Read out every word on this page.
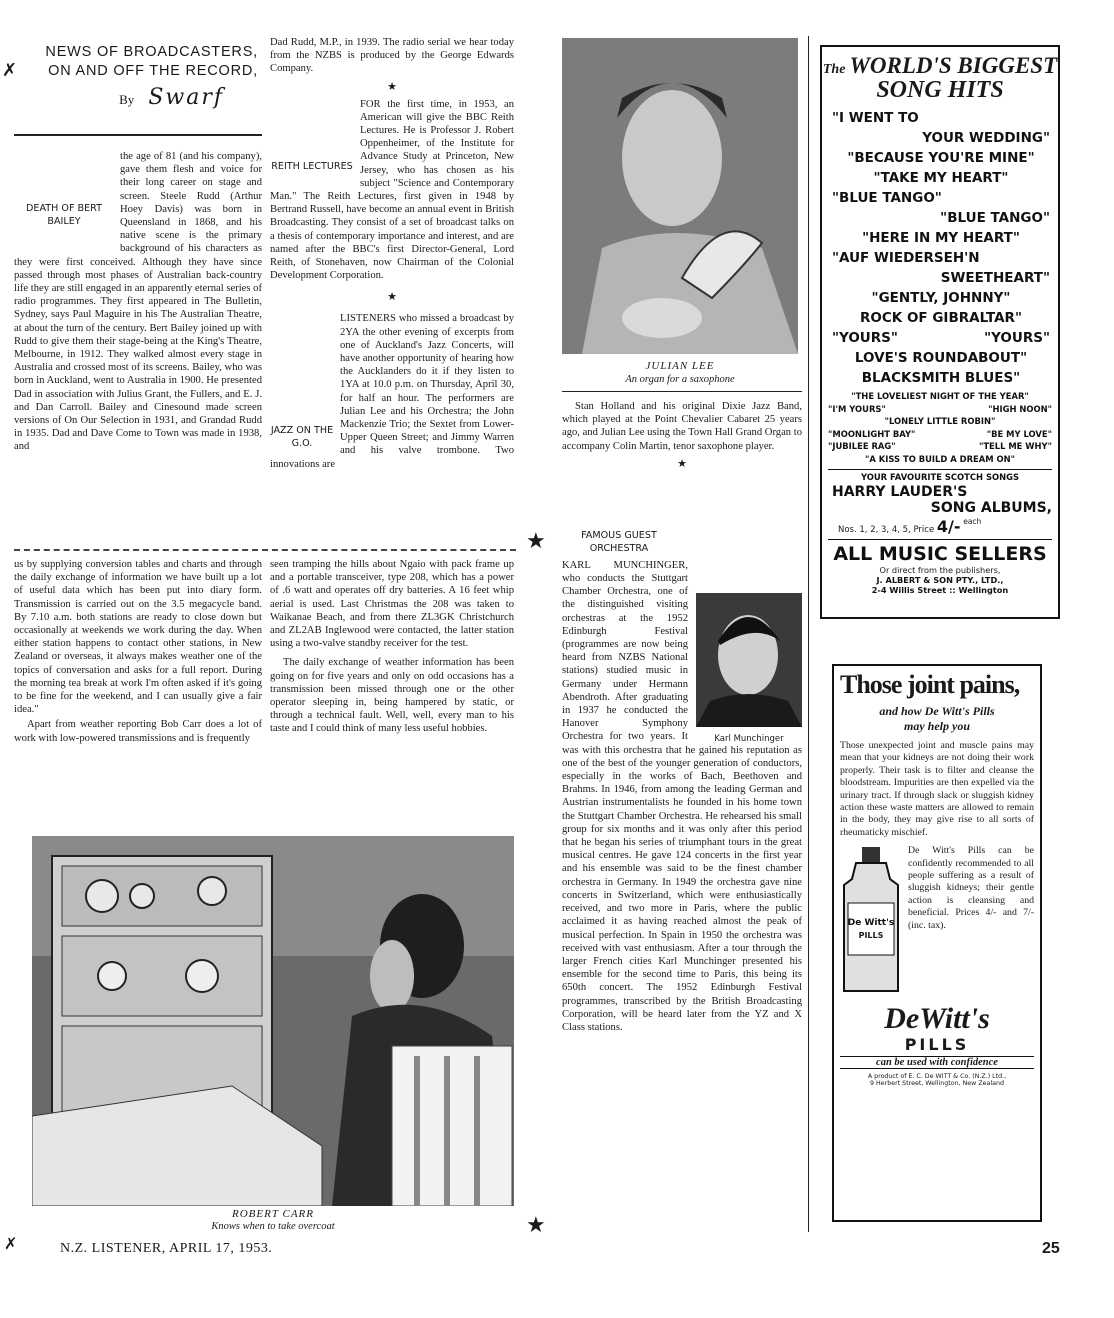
NEWS OF BROADCASTERS,
ON AND OFF THE RECORD,
By Swarf
✗
DEATH OF BERT BAILEY

the age of 81 (and his company), gave them flesh and voice for their long career on stage and screen. Steele Rudd (Arthur Hoey Davis) was born in Queensland in 1868, and his native scene is the primary background of his characters as they were first conceived. Although they have since passed through most phases of Australian back-country life they are still engaged in an apparently eternal series of radio programmes. They first appeared in The Bulletin, Sydney, says Paul Maguire in his The Australian Theatre, at about the turn of the century. Bert Bailey joined up with Rudd to give them their stage-being at the King's Theatre, Melbourne, in 1912. They walked almost every stage in Australia and crossed most of its screens. Bailey, who was born in Auckland, went to Australia in 1900. He presented Dad in association with Julius Grant, the Fullers, and E. J. and Dan Carroll. Bailey and Cinesound made screen versions of On Our Selection in 1931, and Grandad Rudd in 1935. Dad and Dave Come to Town was made in 1938, and

Dad Rudd, M.P., in 1939. The radio serial we hear today from the NZBS is produced by the George Edwards Company.

★
REITH LECTURES

FOR the first time, in 1953, an American will give the BBC Reith Lectures. He is Professor J. Robert Oppenheimer, of the Institute for Advance Study at Princeton, New Jersey, who has chosen as his subject "Science and Contemporary Man." The Reith Lectures, first given in 1948 by Bertrand Russell, have become an annual event in British Broadcasting. They consist of a set of broadcast talks on a thesis of contemporary importance and interest, and are named after the BBC's first Director-General, Lord Reith, of Stonehaven, now Chairman of the Colonial Development Corporation.

★
JAZZ ON THE G.O.

LISTENERS who missed a broadcast by 2YA the other evening of excerpts from one of Auckland's Jazz Concerts, will have another opportunity of hearing how the Aucklanders do it if they listen to 1YA at 10.0 p.m. on Thursday, April 30, for half an hour. The performers are Julian Lee and his Orchestra; the John Mackenzie Trio; the Sextet from Lower-Upper Queen Street; and Jimmy Warren and his valve trombone. Two innovations are

★

us by supplying conversion tables and charts and through the daily exchange of information we have built up a lot of useful data which has been put into diary form. Transmission is carried out on the 3.5 megacycle band. By 7.10 a.m. both stations are ready to close down but occasionally at weekends we work during the day. When either station happens to contact other stations, in New Zealand or overseas, it always makes weather one of the topics of conversation and asks for a full report. During the morning tea break at work I'm often asked if it's going to be fine for the weekend, and I can usually give a fair idea."

Apart from weather reporting Bob Carr does a lot of work with low-powered transmissions and is frequently

seen tramping the hills about Ngaio with pack frame up and a portable transceiver, type 208, which has a power of .6 watt and operates off dry batteries. A 16 feet whip aerial is used. Last Christmas the 208 was taken to Waikanae Beach, and from there ZL3GK Christchurch and ZL2AB Inglewood were contacted, the latter station using a two-valve standby receiver for the test.

The daily exchange of weather information has been going on for five years and only on odd occasions has a transmission been missed through one or the other operator sleeping in, being hampered by static, or through a technical fault. Well, well, every man to his taste and I could think of many less useful hobbies.

ROBERT CARR
Knows when to take overcoat	★
JULIAN LEE
An organ for a saxophone

Stan Holland and his original Dixie Jazz Band, which played at the Point Chevalier Cabaret 25 years ago, and Julian Lee using the Town Hall Grand Organ to accompany Colin Martin, tenor saxophone player.

★
FAMOUS GUEST ORCHESTRA
Karl Munchinger

KARL MUNCHINGER, who conducts the Stuttgart Chamber Orchestra, one of the distinguished visiting orchestras at the 1952 Edinburgh Festival (programmes are now being heard from NZBS National stations) studied music in Germany under Hermann Abendroth. After graduating in 1937 he conducted the Hanover Symphony Orchestra for two years. It was with this orchestra that he gained his reputation as one of the best of the younger generation of conductors, especially in the works of Bach, Beethoven and Brahms. In 1946, from among the leading German and Austrian instrumentalists he founded in his home town the Stuttgart Chamber Orchestra. He rehearsed his small group for six months and it was only after this period that he began his series of triumphant tours in the great musical centres. He gave 124 concerts in the first year and his ensemble was said to be the finest chamber orchestra in Germany. In 1949 the orchestra gave nine concerts in Switzerland, which were enthusiastically received, and two more in Paris, where the public acclaimed it as having reached almost the peak of musical perfection. In Spain in 1950 the orchestra was received with vast enthusiasm. After a tour through the larger French cities Karl Munchinger presented his ensemble for the second time to Paris, this being its 650th concert. The 1952 Edinburgh Festival programmes, transcribed by the British Broadcasting Corporation, will be heard later from the YZ and X Class stations.

The WORLD'S BIGGEST
SONG HITS
"I WENT TO
YOUR WEDDING"
"BECAUSE YOU'RE MINE"
"TAKE MY HEART"
"BLUE TANGO"
"BLUE TANGO"
"HERE IN MY HEART"
"AUF WIEDERSEH'N
SWEETHEART"
"GENTLY, JOHNNY"
ROCK OF GIBRALTAR"
"YOURS"	"YOURS"
LOVE'S ROUNDABOUT"
BLACKSMITH BLUES"
"THE LOVELIEST NIGHT OF THE YEAR"
"I'M YOURS"	"HIGH NOON"
"LONELY LITTLE ROBIN"
"MOONLIGHT BAY"	"BE MY LOVE"
"JUBILEE RAG"	"TELL ME WHY"
"A KISS TO BUILD A DREAM ON"
YOUR FAVOURITE SCOTCH SONGS
HARRY LAUDER'S
SONG ALBUMS,
Nos. 1, 2, 3, 4, 5, Price 4/- each
ALL MUSIC SELLERS
Or direct from the publishers,
J. ALBERT & SON PTY., LTD.,
2-4 Willis Street :: Wellington
Those joint pains,
and how De Witt's Pills
may help you
Those unexpected joint and muscle pains may mean that your kidneys are not doing their work properly. Their task is to filter and cleanse the bloodstream. Impurities are then expelled via the urinary tract. If through slack or sluggish kidney action these waste matters are allowed to remain in the body, they may give rise to all sorts of rheumaticky mischief.
De Witt's
PILLS
De Witt's Pills can be confidently recommended to all people suffering as a result of sluggish kidneys; their gentle action is cleansing and beneficial. Prices 4/- and 7/- (inc. tax).
DeWitt's
PILLS
can be used with confidence
A product of E. C. De WITT & Co. (N.Z.) Ltd.,
9 Herbert Street, Wellington, New Zealand
N.Z. LISTENER, APRIL 17, 1953.	25
✗
